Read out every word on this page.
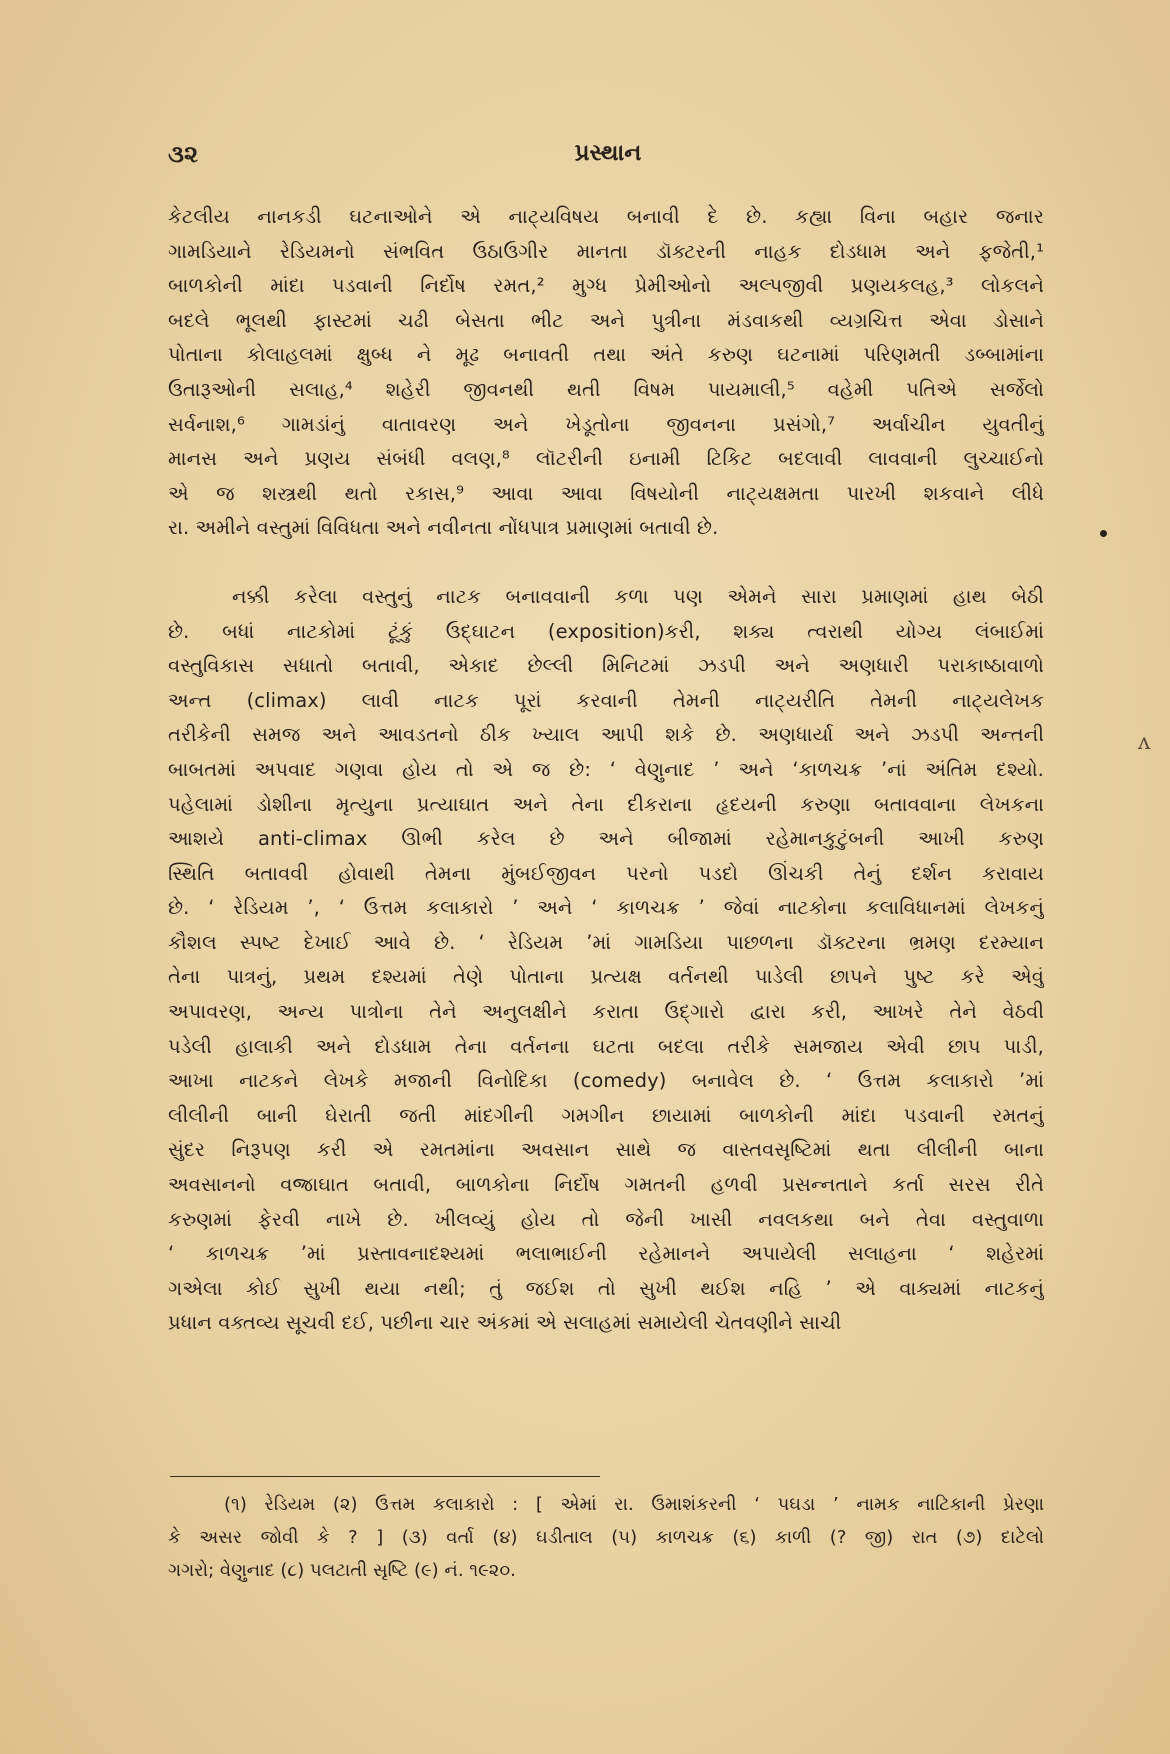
૩૨	પ્રસ્થાન
કેટલીય નાનકડી ઘટનાઓને એ નાટ્યવિષય બનાવી દે છે. કહ્યા વિના બહાર જનાર
ગામડિયાને રેડિયમનો સંભવિત ઉઠાઉગીર માનતા ડૉક્ટરની નાહક દોડધામ અને ફજેતી,¹
બાળકોની માંદા પડવાની નિર્દોષ રમત,² મુગ્ધ પ્રેમીઓનો અલ્પજીવી પ્રણયકલહ,³ લોકલને
બદલે ભૂલથી ફાસ્ટમાં ચઢી બેસતા ભીટ અને પુત્રીના મંડવાકથી વ્યગ્રચિત્ત એવા ડોસાને
પોતાના કોલાહલમાં ક્ષુબ્ધ ને મૂઢ બનાવતી તથા અંતે કરુણ ઘટનામાં પરિણમતી ડબ્બામાંના
ઉતારૂઓની સલાહ,⁴ શહેરી જીવનથી થતી વિષમ પાયમાલી,⁵ વહેમી પતિએ સર્જેલો
સર્વનાશ,⁶ ગામડાંનું વાતાવરણ અને ખેડૂતોના જીવનના પ્રસંગો,⁷ અર્વાચીન યુવતીનું
માનસ અને પ્રણય સંબંધી વલણ,⁸ લૉટરીની ઇનામી ટિકિટ બદલાવી લાવવાની લુચ્ચાઈનો
એ જ શસ્ત્રથી થતો રકાસ,⁹ આવા આવા વિષયોની નાટ્યક્ષમતા પારખી શકવાને લીધે
રા. અમીને વસ્તુમાં વિવિધતા અને નવીનતા નોંધપાત્ર પ્રમાણમાં બતાવી છે.
નક્કી કરેલા વસ્તુનું નાટક બનાવવાની કળા પણ એમને સારા પ્રમાણમાં હાથ બેઠી
છે. બધાં નાટકોમાં ટૂંકું ઉદ્ઘાટન (exposition)કરી, શક્ય ત્વરાથી યોગ્ય લંબાઈમાં
વસ્તુવિકાસ સધાતો બતાવી, એકાદ છેલ્લી મિનિટમાં ઝડપી અને અણધારી પરાકાષ્ઠાવાળો
અન્ત (climax) લાવી નાટક પૂરાં કરવાની તેમની નાટ્યરીતિ તેમની નાટ્યલેખક
તરીકેની સમજ અને આવડતનો ઠીક ખ્યાલ આપી શકે છે. અણધાર્યા અને ઝડપી અન્તની
બાબતમાં અપવાદ ગણવા હોય તો એ જ છે: ‘ વેણુનાદ ’ અને ‘કાળચક્ર ’નાં અંતિમ દશ્યો.
પહેલામાં ડોશીના મૃત્યુના પ્રત્યાઘાત અને તેના દીકરાના હૃદયની કરુણા બતાવવાના લેખકના
આશયે anti-climax ઊભી કરેલ છે અને બીજામાં રહેમાનકુટુંબની આખી કરુણ
સ્થિતિ બતાવવી હોવાથી તેમના મુંબઈજીવન પરનો પડદો ઊંચકી તેનું દર્શન કરાવાય
છે. ‘ રેડિયમ ’, ‘ ઉત્તમ કલાકારો ’ અને ‘ કાળચક્ર ’ જેવાં નાટકોના કલાવિધાનમાં લેખકનું
કૌશલ સ્પષ્ટ દેખાઈ આવે છે. ‘ રેડિયમ ’માં ગામડિયા પાછળના ડૉક્ટરના ભ્રમણ દરમ્યાન
તેના પાત્રનું, પ્રથમ દશ્યમાં તેણે પોતાના પ્રત્યક્ષ વર્તનથી પાડેલી છાપને પુષ્ટ કરે એવું
અપાવરણ, અન્ય પાત્રોના તેને અનુલક્ષીને કરાતા ઉદ્ગારો દ્વારા કરી, આખરે તેને વેઠવી
પડેલી હાલાકી અને દોડધામ તેના વર્તનના ઘટતા બદલા તરીકે સમજાય એવી છાપ પાડી,
આખા નાટકને લેખકે મજાની વિનોદિકા (comedy) બનાવેલ છે. ‘ ઉત્તમ કલાકારો ’માં
લીલીની બાની ઘેરાતી જતી માંદગીની ગમગીન છાયામાં બાળકોની માંદા પડવાની રમતનું
સુંદર નિરૂપણ કરી એ રમતમાંના અવસાન સાથે જ વાસ્તવસૃષ્ટિમાં થતા લીલીની બાના
અવસાનનો વજ્રાઘાત બતાવી, બાળકોના નિર્દોષ ગમતની હળવી પ્રસન્નતાને કર્તા સરસ રીતે
કરુણમાં ફેરવી નાખે છે. ખીલવ્યું હોય તો જેની ખાસી નવલકથા બને તેવા વસ્તુવાળા
‘ કાળચક્ર ’માં પ્રસ્તાવનાદશ્યમાં ભલાભાઈની રહેમાનને અપાયેલી સલાહના ‘ શહેરમાં
ગએલા કોઈ સુખી થયા નથી; તું જઈશ તો સુખી થઈશ નહિ ’ એ વાક્યમાં નાટકનું
પ્રધાન વક્તવ્ય સૂચવી દઈ, પછીના ચાર અંકમાં એ સલાહમાં સમાયેલી ચેતવણીને સાચી
(૧) રેડિયમ (૨) ઉત્તમ કલાકારો : [ એમાં રા. ઉમાશંકરની ‘ પઘડા ’ નામક નાટિકાની પ્રેરણા
કે અસર જોવી કે ? ] (૩) વર્તા (૪) ઘડીતાલ (૫) કાળચક્ર (૬) કાળી (? જી) રાત (૭) દાટેલો
ગગરો; વેણુનાદ (૮) પલટાતી સૃષ્ટિ (૯) નં. ૧૯૨૦.
ʌ
